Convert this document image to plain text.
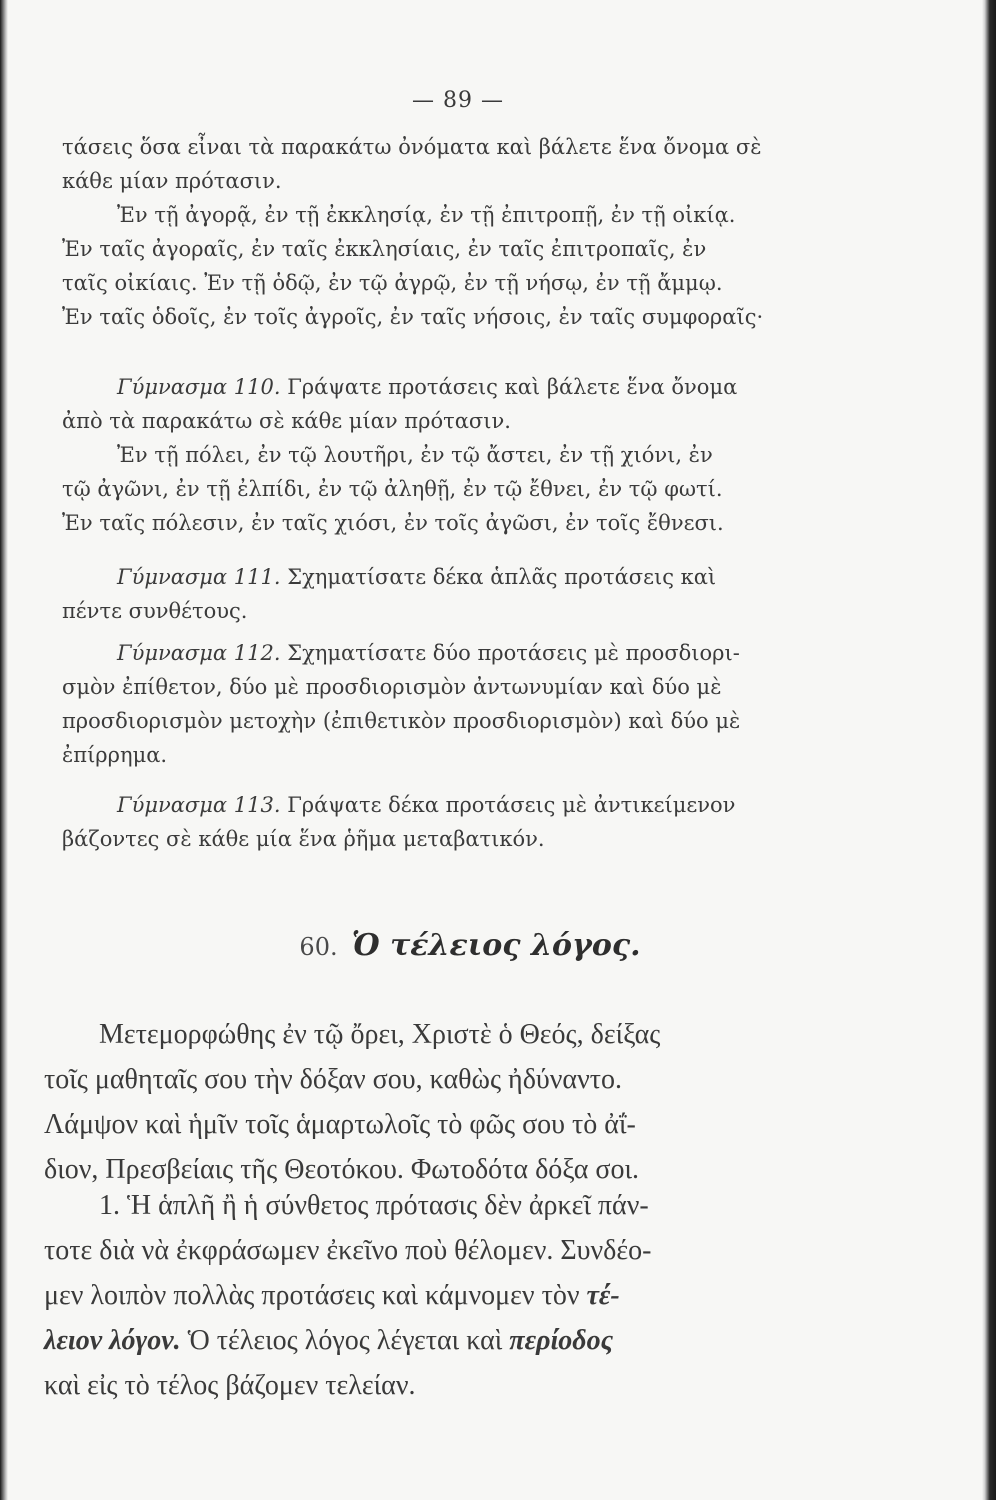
— 89 —
τάσεις ὅσα εἶναι τὰ παρακάτω ὀνόματα καὶ βάλετε ἕνα ὄνομα σὲ
κάθε μίαν πρότασιν.
Ἐν τῇ ἀγορᾷ, ἐν τῇ ἐκκλησίᾳ, ἐν τῇ ἐπιτροπῇ, ἐν τῇ οἰκίᾳ.
Ἐν ταῖς ἀγοραῖς, ἐν ταῖς ἐκκλησίαις, ἐν ταῖς ἐπιτροπαῖς, ἐν
ταῖς οἰκίαις. Ἐν τῇ ὁδῷ, ἐν τῷ ἀγρῷ, ἐν τῇ νήσῳ, ἐν τῇ ἄμμῳ.
Ἐν ταῖς ὁδοῖς, ἐν τοῖς ἀγροῖς, ἐν ταῖς νήσοις, ἐν ταῖς συμφοραῖς·
Γύμνασμα 110. Γράψατε προτάσεις καὶ βάλετε ἕνα ὄνομα
ἀπὸ τὰ παρακάτω σὲ κάθε μίαν πρότασιν.
Ἐν τῇ πόλει, ἐν τῷ λουτῆρι, ἐν τῷ ἄστει, ἐν τῇ χιόνι, ἐν
τῷ ἀγῶνι, ἐν τῇ ἐλπίδι, ἐν τῷ ἀληθῇ, ἐν τῷ ἔθνει, ἐν τῷ φωτί.
Ἐν ταῖς πόλεσιν, ἐν ταῖς χιόσι, ἐν τοῖς ἀγῶσι, ἐν τοῖς ἔθνεσι.
Γύμνασμα 111. Σχηματίσατε δέκα ἁπλᾶς προτάσεις καὶ
πέντε συνθέτους.
Γύμνασμα 112. Σχηματίσατε δύο προτάσεις μὲ προσδιορι-
σμὸν ἐπίθετον, δύο μὲ προσδιορισμὸν ἀντωνυμίαν καὶ δύο μὲ
προσδιορισμὸν μετοχὴν (ἐπιθετικὸν προσδιορισμὸν) καὶ δύο μὲ
ἐπίρρημα.
Γύμνασμα 113. Γράψατε δέκα προτάσεις μὲ ἀντικείμενον
βάζοντες σὲ κάθε μία ἕνα ῥῆμα μεταβατικόν.
60. Ὁ τέλειος λόγος.
Μετεμορφώθης ἐν τῷ ὄρει, Χριστὲ ὁ Θεός, δείξας
τοῖς μαθηταῖς σου τὴν δόξαν σου, καθὼς ἠδύναντο.
Λάμψον καὶ ἡμῖν τοῖς ἁμαρτωλοῖς τὸ φῶς σου τὸ ἀΐ-
διον, Πρεσβείαις τῆς Θεοτόκου. Φωτοδότα δόξα σοι.
1. Ἡ ἁπλῆ ἢ ἡ σύνθετος πρότασις δὲν ἀρκεῖ πάν-
τοτε διὰ νὰ ἐκφράσωμεν ἐκεῖνο ποὺ θέλομεν. Συνδέο-
μεν λοιπὸν πολλὰς προτάσεις καὶ κάμνομεν τὸν τέ-
λειον λόγον. Ὁ τέλειος λόγος λέγεται καὶ περίοδος
καὶ εἰς τὸ τέλος βάζομεν τελείαν.
